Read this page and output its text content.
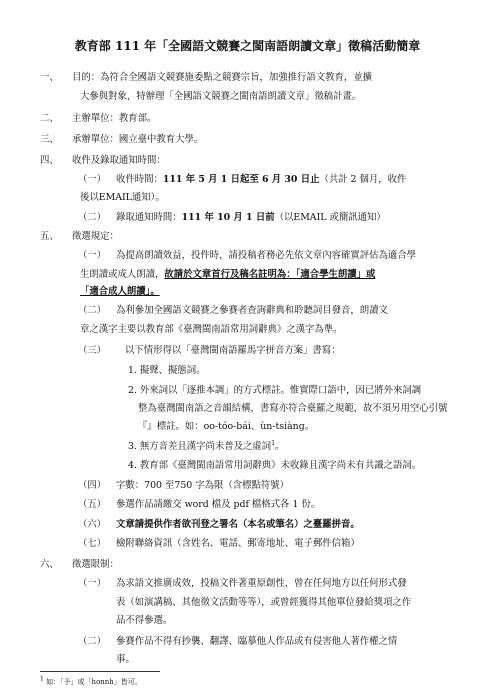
教育部 111 年「全國語文競賽之閩南語朗讀文章」徵稿活動簡章
一、 目的：為符合全國語文競賽施委點之競賽宗旨，加強推行語文教育，並擴
大參與對象，特辦理「全國語文競賽之閩南語朗讀文章」徵稿計畫。
二、 主辦單位：教育部。
三、 承辦單位：國立臺中教育大學。
四、 收件及錄取通知時間：
（一） 收件時間：111 年 5 月 1 日起至 6 月 30 日止（共計 2 個月，收件
後以EMAIL通知）。
（二） 錄取通知時間：111 年 10 月 1 日前（以EMAIL 或簡訊通知）
五、 徵選規定：
（一） 為提高朗讀效益，投件時，請投稿者務必先依文章內容確實評估為適合學
生朗讀或成人朗讀，故請於文章首行及稿名註明為：「適合學生朗讀」或
「適合成人朗讀」。
（二） 為利參加全國語文競賽之參賽者查詢辭典和聆聽詞目發音，朗讀文
章之漢字主要以教育部《臺灣閩南語常用詞辭典》之漢字為準。
（三） 以下情形得以「臺灣閩南語羅馬字拼音方案」書寫：
1. 擬聲、擬態詞。
2. 外來詞以「逐推本調」的方式標註。惟實際口語中，因已將外來詞調
整為臺灣閩南語之音韻結構，書寫亦符合臺羅之規範，故不須另用空心引號
『』標註。如：oo-tóo-bái、ùn-tsiàng。
3. 無方音差且漢字尚未普及之虛詞$^1$。
4. 教育部《臺灣閩南語常用詞辭典》未收錄且漢字尚未有共識之語詞。
（四） 字數：700 至750 字為限（含標點符號）
（五） 參選作品請繳交 word 檔及 pdf 檔格式各 1 份。
（六） 文章請提供作者欲刊登之署名（本名或筆名）之臺羅拼音。
（七） 檢附聯絡資訊（含姓名、電話、郵寄地址、電子郵件信箱）
六、 徵選限制：
（一） 為求語文推廣成效，投稿文件著重原創性，曾在任何地方以任何形式發
表（如演講稿、其他徵文活動等等），或曾經獲得其他單位發給獎項之作
品不得參選。
（二） 參賽作品不得有抄襲、翻譯、臨摹他人作品或有侵害他人著作權之情
事。
$^1$ 如：「予」或「honnh」皆可。
